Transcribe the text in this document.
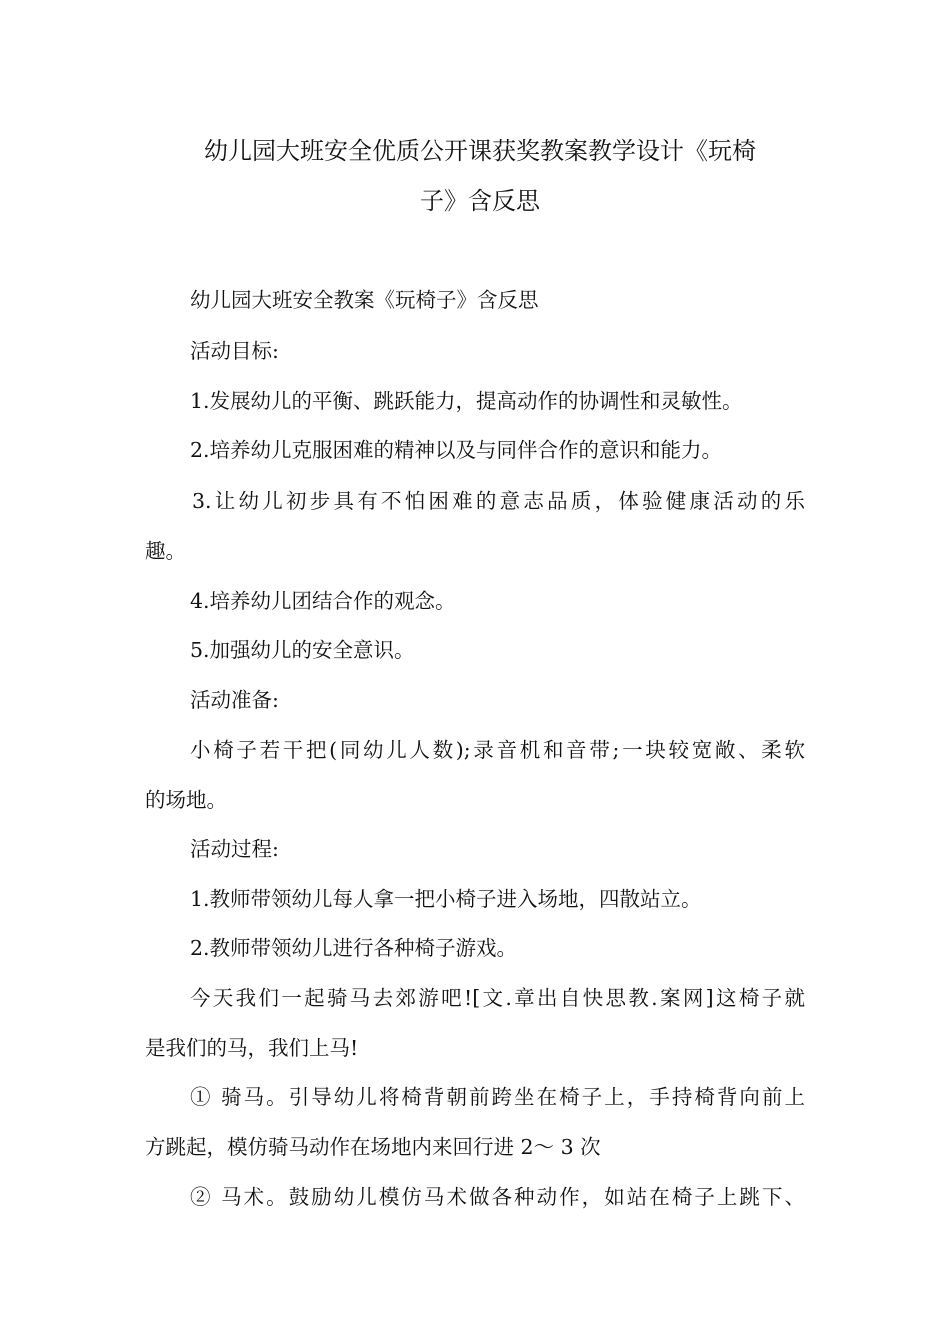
幼儿园大班安全优质公开课获奖教案教学设计《玩椅
子》含反思
幼儿园大班安全教案《玩椅子》含反思
活动目标:
1.发展幼儿的平衡、跳跃能力，提高动作的协调性和灵敏性。
2.培养幼儿克服困难的精神以及与同伴合作的意识和能力。
3.让幼儿初步具有不怕困难的意志品质，体验健康活动的乐
趣。
4.培养幼儿团结合作的观念。
5.加强幼儿的安全意识。
活动准备:
小椅子若干把(同幼儿人数);录音机和音带;一块较宽敞、柔软
的场地。
活动过程:
1.教师带领幼儿每人拿一把小椅子进入场地，四散站立。
2.教师带领幼儿进行各种椅子游戏。
今天我们一起骑马去郊游吧![文.章出自快思教.案网]这椅子就
是我们的马，我们上马!
① 骑马。引导幼儿将椅背朝前跨坐在椅子上，手持椅背向前上
方跳起，模仿骑马动作在场地内来回行进 2～ 3 次
② 马术。鼓励幼儿模仿马术做各种动作，如站在椅子上跳下、
